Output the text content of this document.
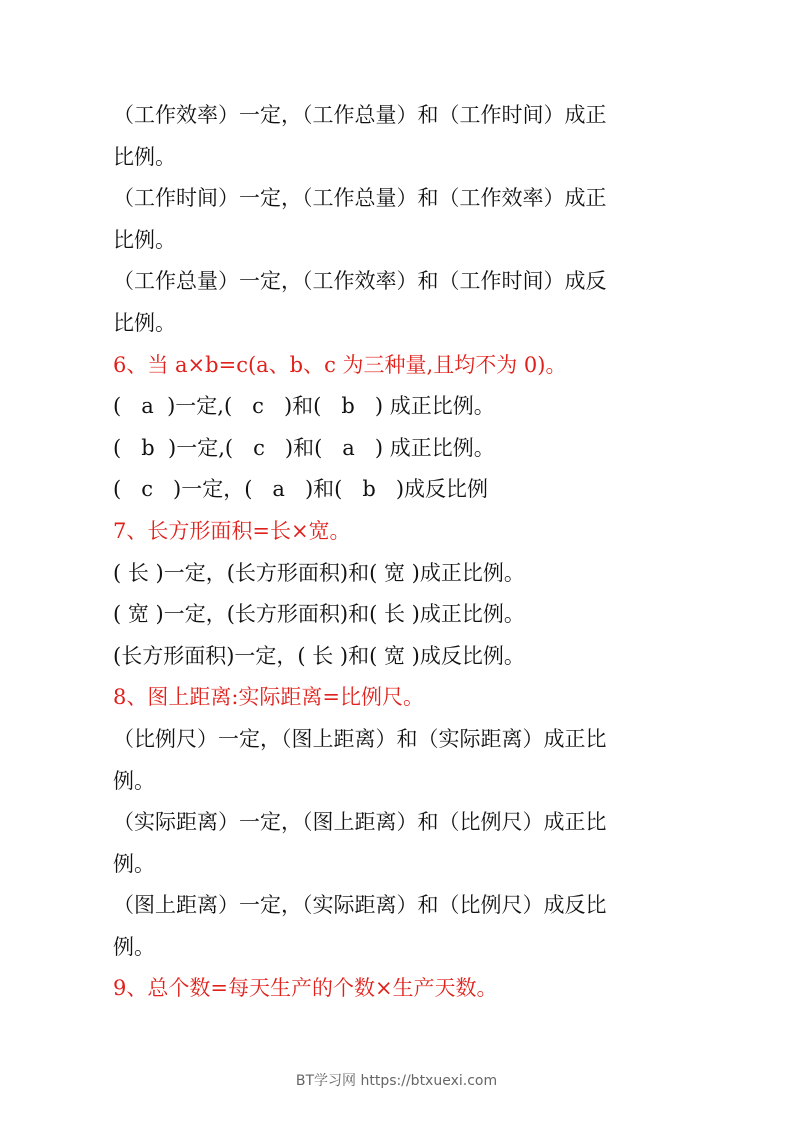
（工作效率）一定，（工作总量）和（工作时间）成正

比例。

（工作时间）一定，（工作总量）和（工作效率）成正

比例。

（工作总量）一定，（工作效率）和（工作时间）成反

比例。

6、当 a×b=c(a、b、c 为三种量,且均不为 0)。

(   a  )一定,(   c   )和(   b   ) 成正比例。

(   b  )一定,(   c   )和(   a   ) 成正比例。

(   c   )一定，(   a   )和(   b   )成反比例

7、长方形面积=长×宽。

( 长 )一定，(长方形面积)和( 宽 )成正比例。

( 宽 )一定，(长方形面积)和( 长 )成正比例。

(长方形面积)一定，( 长 )和( 宽 )成反比例。

8、图上距离:实际距离=比例尺。

（比例尺）一定，（图上距离）和（实际距离）成正比

例。

（实际距离）一定，（图上距离）和（比例尺）成正比

例。

（图上距离）一定，（实际距离）和（比例尺）成反比

例。

9、总个数=每天生产的个数×生产天数。

BT学习网 https://btxuexi.com
